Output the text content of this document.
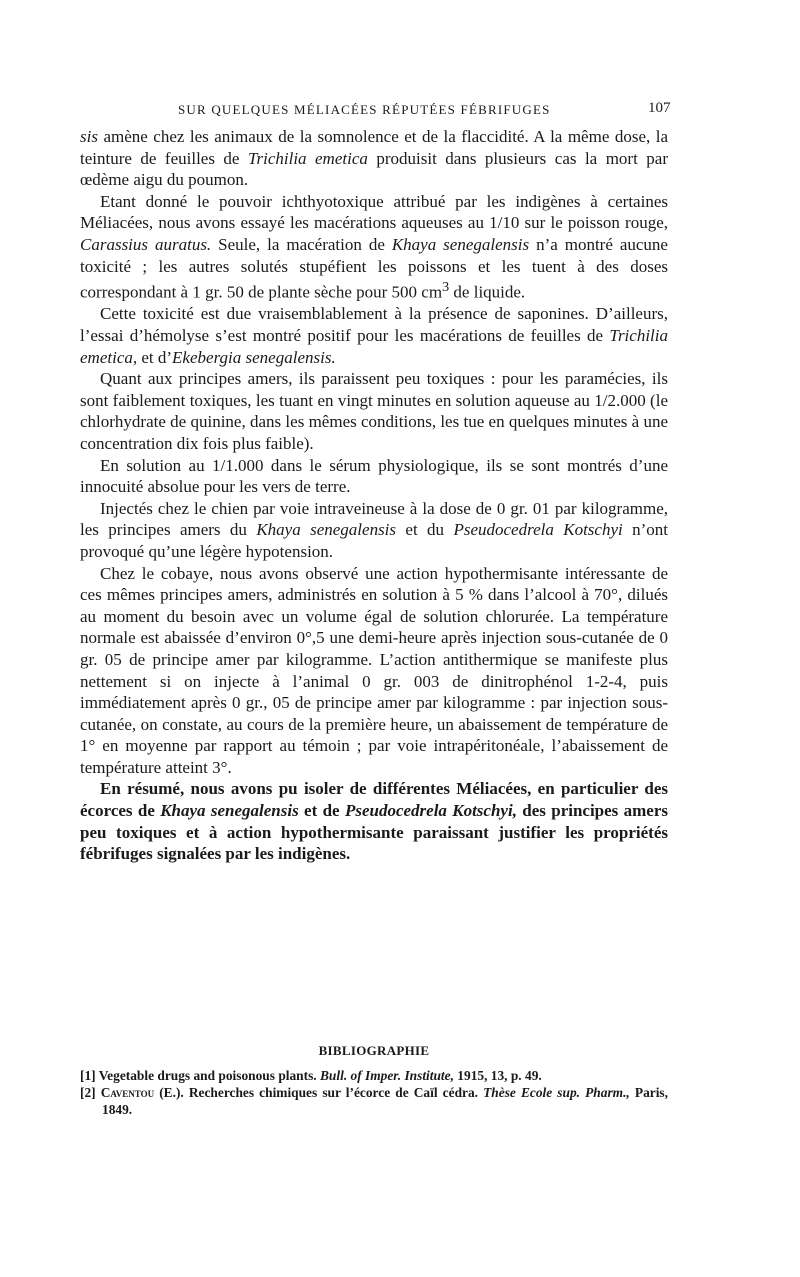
SUR QUELQUES MÉLIACÉES RÉPUTÉES FÉBRIFUGES	107

sis amène chez les animaux de la somnolence et de la flaccidité. A la même dose, la teinture de feuilles de Trichilia emetica produisit dans plusieurs cas la mort par œdème aigu du poumon.

Etant donné le pouvoir ichthyotoxique attribué par les indigènes à certaines Méliacées, nous avons essayé les macérations aqueuses au 1/10 sur le poisson rouge, Carassius auratus. Seule, la macération de Khaya senegalensis n’a montré aucune toxicité ; les autres solutés stupéfient les poissons et les tuent à des doses correspondant à 1 gr. 50 de plante sèche pour 500 $cm^3$ de liquide.

Cette toxicité est due vraisemblablement à la présence de saponines. D’ailleurs, l’essai d’hémolyse s’est montré positif pour les macérations de feuilles de Trichilia emetica, et d’Ekebergia senegalensis.

Quant aux principes amers, ils paraissent peu toxiques : pour les paramécies, ils sont faiblement toxiques, les tuant en vingt minutes en solution aqueuse au 1/2.000 (le chlorhydrate de quinine, dans les mêmes conditions, les tue en quelques minutes à une concentration dix fois plus faible).

En solution au 1/1.000 dans le sérum physiologique, ils se sont montrés d’une innocuité absolue pour les vers de terre.

Injectés chez le chien par voie intraveineuse à la dose de 0 gr. 01 par kilogramme, les principes amers du Khaya senegalensis et du Pseudocedrela Kotschyi n’ont provoqué qu’une légère hypotension.

Chez le cobaye, nous avons observé une action hypothermisante intéressante de ces mêmes principes amers, administrés en solution à 5 % dans l’alcool à 70°, dilués au moment du besoin avec un volume égal de solution chlorurée. La température normale est abaissée d’environ 0°,5 une demi-heure après injection sous-cutanée de 0 gr. 05 de principe amer par kilogramme. L’action antithermique se manifeste plus nettement si on injecte à l’animal 0 gr. 003 de dinitrophénol 1-2-4, puis immédiatement après 0 gr., 05 de principe amer par kilogramme : par injection sous-cutanée, on constate, au cours de la première heure, un abaissement de température de 1° en moyenne par rapport au témoin ; par voie intrapéritonéale, l’abaissement de température atteint 3°.

En résumé, nous avons pu isoler de différentes Méliacées, en particulier des écorces de Khaya senegalensis et de Pseudocedrela Kotschyi, des principes amers peu toxiques et à action hypothermisante paraissant justifier les propriétés fébrifuges signalées par les indigènes.

BIBLIOGRAPHIE

[1] Vegetable drugs and poisonous plants. Bull. of Imper. Institute, 1915, 13, p. 49.

[2] Caventou (E.). Recherches chimiques sur l’écorce de Caïl cédra. Thèse Ecole sup. Pharm., Paris, 1849.
